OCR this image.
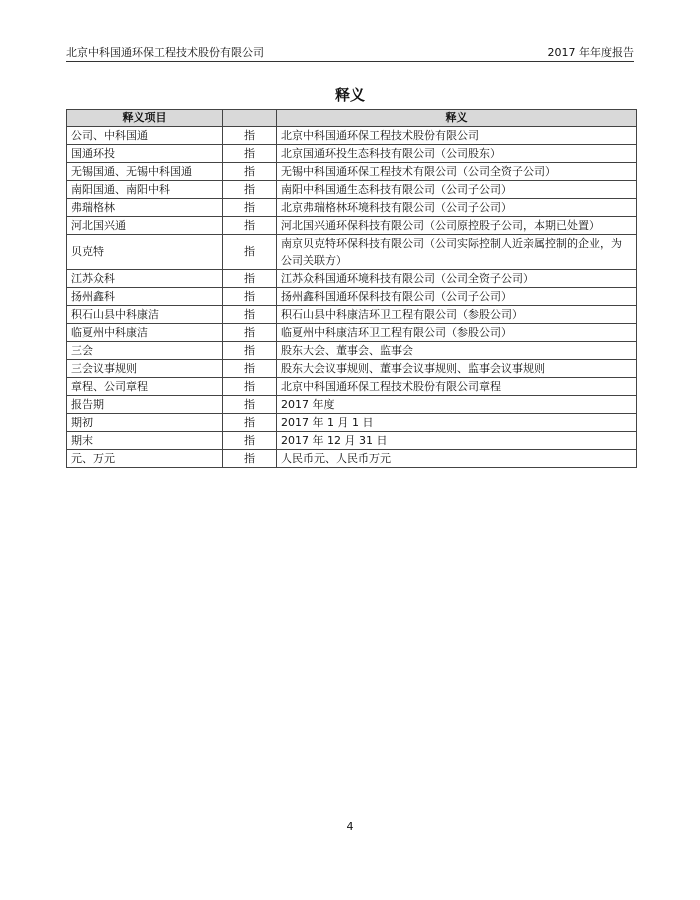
北京中科国通环保工程技术股份有限公司	2017 年年度报告
释义
释义项目		释义
公司、中科国通	指	北京中科国通环保工程技术股份有限公司
国通环投	指	北京国通环投生态科技有限公司（公司股东）
无锡国通、无锡中科国通	指	无锡中科国通环保工程技术有限公司（公司全资子公司）
南阳国通、南阳中科	指	南阳中科国通生态科技有限公司（公司子公司）
弗瑞格林	指	北京弗瑞格林环境科技有限公司（公司子公司）
河北国兴通	指	河北国兴通环保科技有限公司（公司原控股子公司，本期已处置）
贝克特	指	南京贝克特环保科技有限公司（公司实际控制人近亲属控制的企业，为公司关联方）
江苏众科	指	江苏众科国通环境科技有限公司（公司全资子公司）
扬州鑫科	指	扬州鑫科国通环保科技有限公司（公司子公司）
积石山县中科康洁	指	积石山县中科康洁环卫工程有限公司（参股公司）
临夏州中科康洁	指	临夏州中科康洁环卫工程有限公司（参股公司）
三会	指	股东大会、董事会、监事会
三会议事规则	指	股东大会议事规则、董事会议事规则、监事会议事规则
章程、公司章程	指	北京中科国通环保工程技术股份有限公司章程
报告期	指	2017 年度
期初	指	2017 年 1 月 1 日
期末	指	2017 年 12 月 31 日
元、万元	指	人民币元、人民币万元
4
